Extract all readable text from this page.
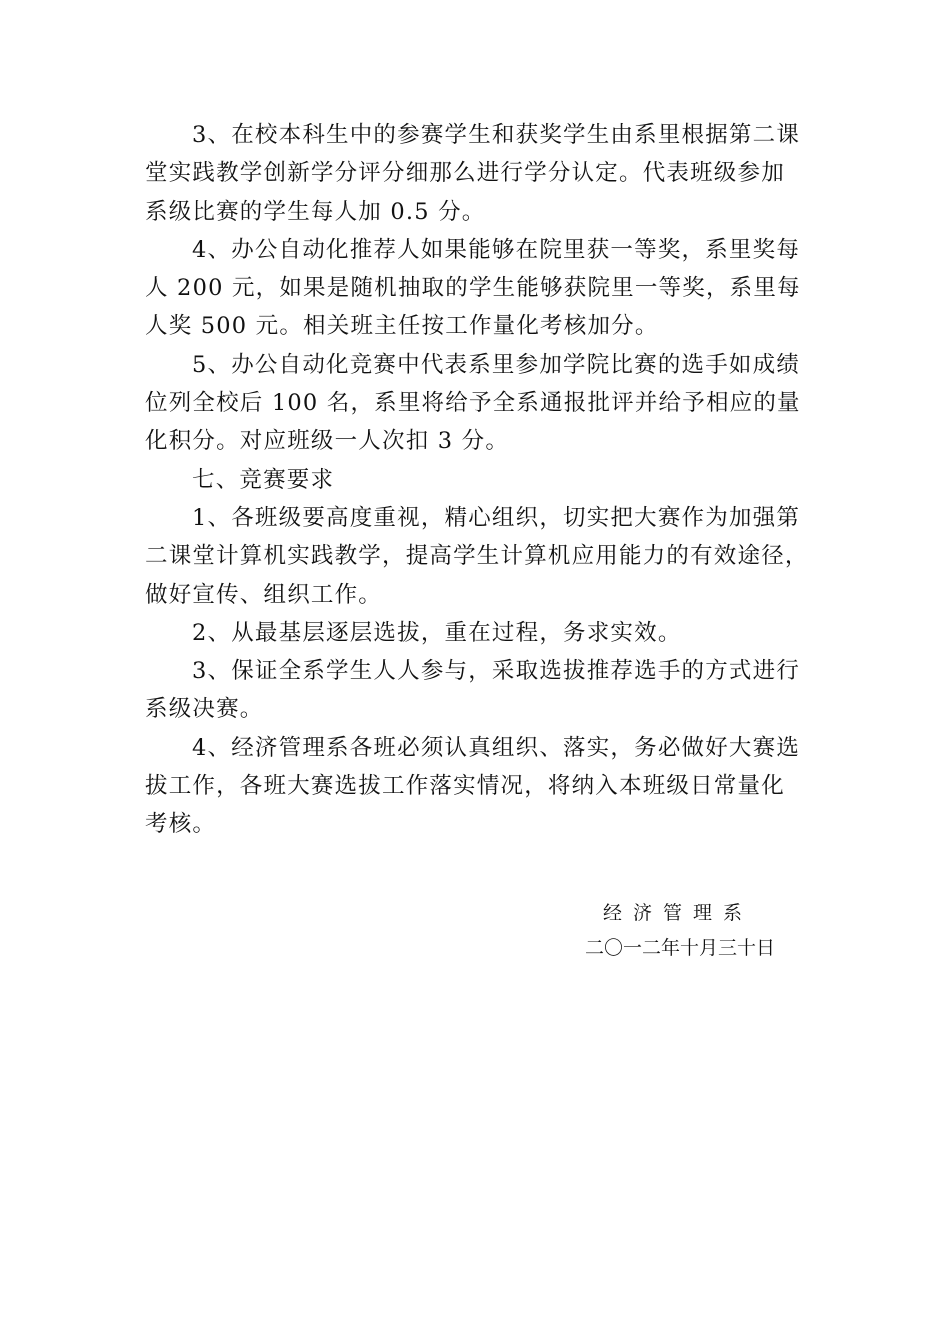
3、在校本科生中的参赛学生和获奖学生由系里根据第二课
堂实践教学创新学分评分细那么进行学分认定。代表班级参加
系级比赛的学生每人加 0.5 分。

4、办公自动化推荐人如果能够在院里获一等奖，系里奖每
人 200 元，如果是随机抽取的学生能够获院里一等奖，系里每
人奖 500 元。相关班主任按工作量化考核加分。

5、办公自动化竞赛中代表系里参加学院比赛的选手如成绩
位列全校后 100 名，系里将给予全系通报批评并给予相应的量
化积分。对应班级一人次扣 3 分。

七、竞赛要求

1、各班级要高度重视，精心组织，切实把大赛作为加强第
二课堂计算机实践教学，提高学生计算机应用能力的有效途径，
做好宣传、组织工作。

2、从最基层逐层选拔，重在过程，务求实效。

3、保证全系学生人人参与，采取选拔推荐选手的方式进行
系级决赛。

4、经济管理系各班必须认真组织、落实，务必做好大赛选
拔工作，各班大赛选拔工作落实情况，将纳入本班级日常量化
考核。

经济管理系
二〇一二年十月三十日
